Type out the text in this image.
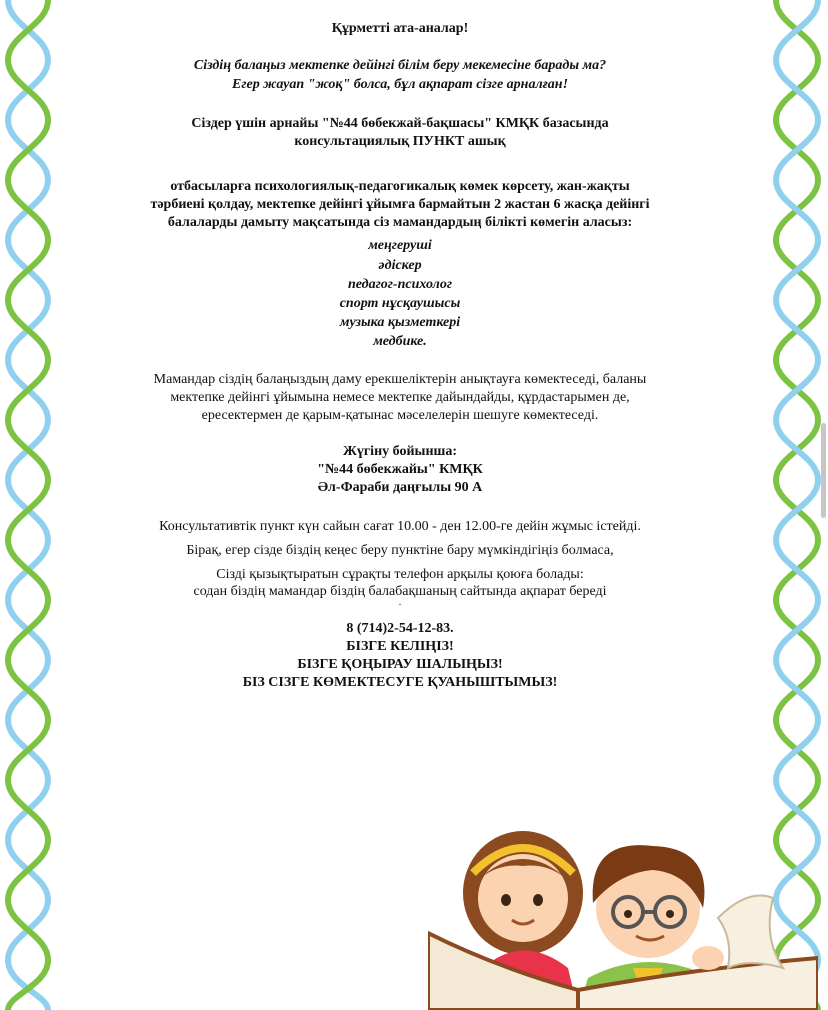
Құрметті ата-аналар!
Сіздің балаңыз мектепке дейінгі білім беру мекемесіне барады ма?
Егер жауап "жоқ" болса, бұл ақпарат сізге арналған!
Сіздер үшін арнайы "№44 бөбекжай-бақшасы" КМҚК базасында
консультациялық ПУНКТ ашық
отбасыларға психологиялық-педагогикалық көмек көрсету, жан-жақты
тәрбиені қолдау, мектепке дейінгі ұйымға бармайтын 2 жастан 6 жасқа дейінгі
балаларды дамыту мақсатында сіз мамандардың білікті көмегін аласыз:
меңгеруші
әдіскер
педагог-психолог
спорт нұсқаушысы
музыка қызметкері
медбике.
Мамандар сіздің балаңыздың даму ерекшеліктерін анықтауға көмектеседі, баланы
мектепке дейінгі ұйымына немесе мектепке дайындайды, құрдастарымен де,
ересектермен де қарым-қатынас мәселелерін шешуге көмектеседі.
Жүгіну бойынша:
"№44 бөбекжайы" КМҚК
Әл-Фараби даңғылы 90 А
Консультативтік пункт күн сайын сағат 10.00 - ден 12.00-ге дейін жұмыс істейді.
Бірақ, егер сізде біздің кеңес беру пунктіне бару мүмкіндігіңіз болмаса,
Сізді қызықтыратын сұрақты телефон арқылы қоюға болады:
содан біздің мамандар біздің балабақшаның сайтында ақпарат береді
.
8 (714)2-54-12-83.
БІЗГЕ КЕЛІҢІЗ!
БІЗГЕ ҚОҢЫРАУ ШАЛЫҢЫЗ!
БІЗ СІЗГЕ КӨМЕКТЕСУГЕ ҚУАНЫШТЫМЫЗ!
